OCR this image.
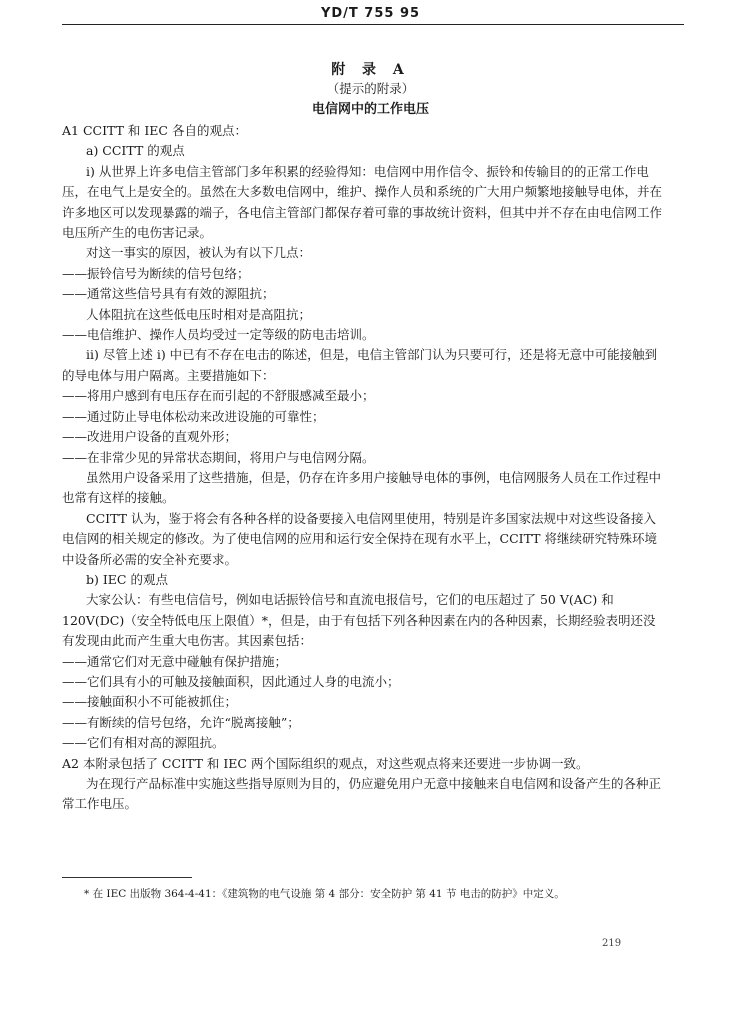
YD/T 755 95
附 录 A
（提示的附录）
电信网中的工作电压

A1 CCITT 和 IEC 各自的观点：

a) CCITT 的观点

i) 从世界上许多电信主管部门多年积累的经验得知：电信网中用作信令、振铃和传输目的的正常工作电压，在电气上是安全的。虽然在大多数电信网中，维护、操作人员和系统的广大用户频繁地接触导电体，并在许多地区可以发现暴露的端子，各电信主管部门都保存着可靠的事故统计资料，但其中并不存在由电信网工作电压所产生的电伤害记录。

对这一事实的原因，被认为有以下几点：

——振铃信号为断续的信号包络；

——通常这些信号具有有效的源阻抗；

人体阻抗在这些低电压时相对是高阻抗；

——电信维护、操作人员均受过一定等级的防电击培训。

ii) 尽管上述 i) 中已有不存在电击的陈述，但是，电信主管部门认为只要可行，还是将无意中可能接触到的导电体与用户隔离。主要措施如下：

——将用户感到有电压存在而引起的不舒服感减至最小；

——通过防止导电体松动来改进设施的可靠性；

——改进用户设备的直观外形；

——在非常少见的异常状态期间，将用户与电信网分隔。

虽然用户设备采用了这些措施，但是，仍存在许多用户接触导电体的事例，电信网服务人员在工作过程中也常有这样的接触。

CCITT 认为，鉴于将会有各种各样的设备要接入电信网里使用，特别是许多国家法规中对这些设备接入电信网的相关规定的修改。为了使电信网的应用和运行安全保持在现有水平上，CCITT 将继续研究特殊环境中设备所必需的安全补充要求。

b) IEC 的观点

大家公认：有些电信信号，例如电话振铃信号和直流电报信号，它们的电压超过了 50 V(AC) 和 120V(DC)（安全特低电压上限值）*，但是，由于有包括下列各种因素在内的各种因素，长期经验表明还没有发现由此而产生重大电伤害。其因素包括：

——通常它们对无意中碰触有保护措施；

——它们具有小的可触及接触面积，因此通过人身的电流小；

——接触面积小不可能被抓住；

——有断续的信号包络，允许“脱离接触”；

——它们有相对高的源阻抗。

A2 本附录包括了 CCITT 和 IEC 两个国际组织的观点，对这些观点将来还要进一步协调一致。

为在现行产品标准中实施这些指导原则为目的，仍应避免用户无意中接触来自电信网和设备产生的各种正常工作电压。

* 在 IEC 出版物 364-4-41：《建筑物的电气设施 第 4 部分：安全防护 第 41 节 电击的防护》中定义。
219
